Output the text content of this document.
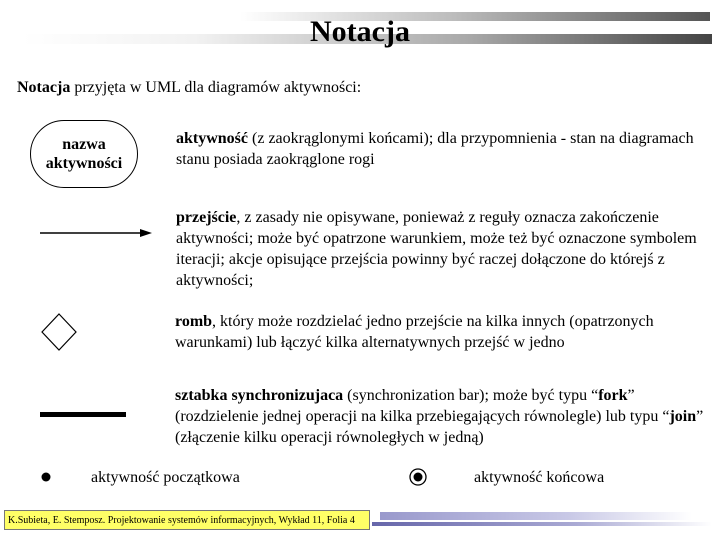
Notacja
Notacja przyjęta w UML dla diagramów aktywności:
nazwa
aktywności
aktywność (z zaokrąglonymi końcami); dla przypomnienia - stan na diagramach stanu posiada zaokrąglone rogi
przejście, z zasady nie opisywane, ponieważ z reguły oznacza zakończenie aktywności; może być opatrzone warunkiem, może też być oznaczone symbolem iteracji; akcje opisujące przejścia powinny być raczej dołączone do którejś z aktywności;
romb, który może rozdzielać jedno przejście na kilka innych (opatrzonych warunkami) lub łączyć kilka alternatywnych przejść w jedno
sztabka synchronizujaca (synchronization bar); może być typu “fork” (rozdzielenie jednej operacji na kilka przebiegających równolegle) lub typu “join” (złączenie kilku operacji równoległych w jedną)
aktywność początkowa	aktywność końcowa
K.Subieta, E. Stemposz. Projektowanie systemów informacyjnych, Wykład 11, Folia 4
